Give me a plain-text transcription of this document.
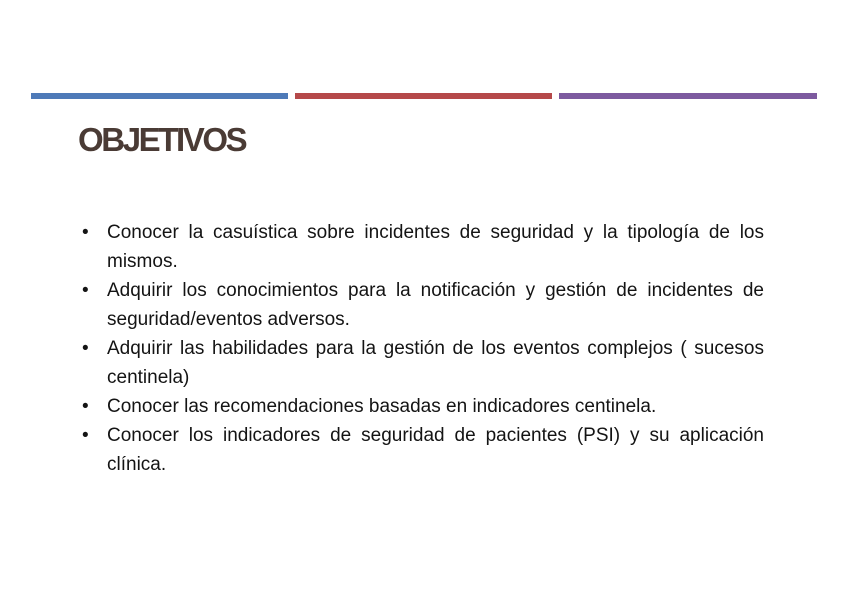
OBJETIVOS
• Conocer la casuística sobre incidentes de seguridad y la tipología de los mismos.
• Adquirir los conocimientos para la notificación y gestión de incidentes de seguridad/eventos adversos.
• Adquirir las habilidades para la gestión de los eventos complejos ( sucesos centinela)
• Conocer las recomendaciones basadas en indicadores centinela.
• Conocer los indicadores de seguridad de pacientes (PSI) y su aplicación clínica.
